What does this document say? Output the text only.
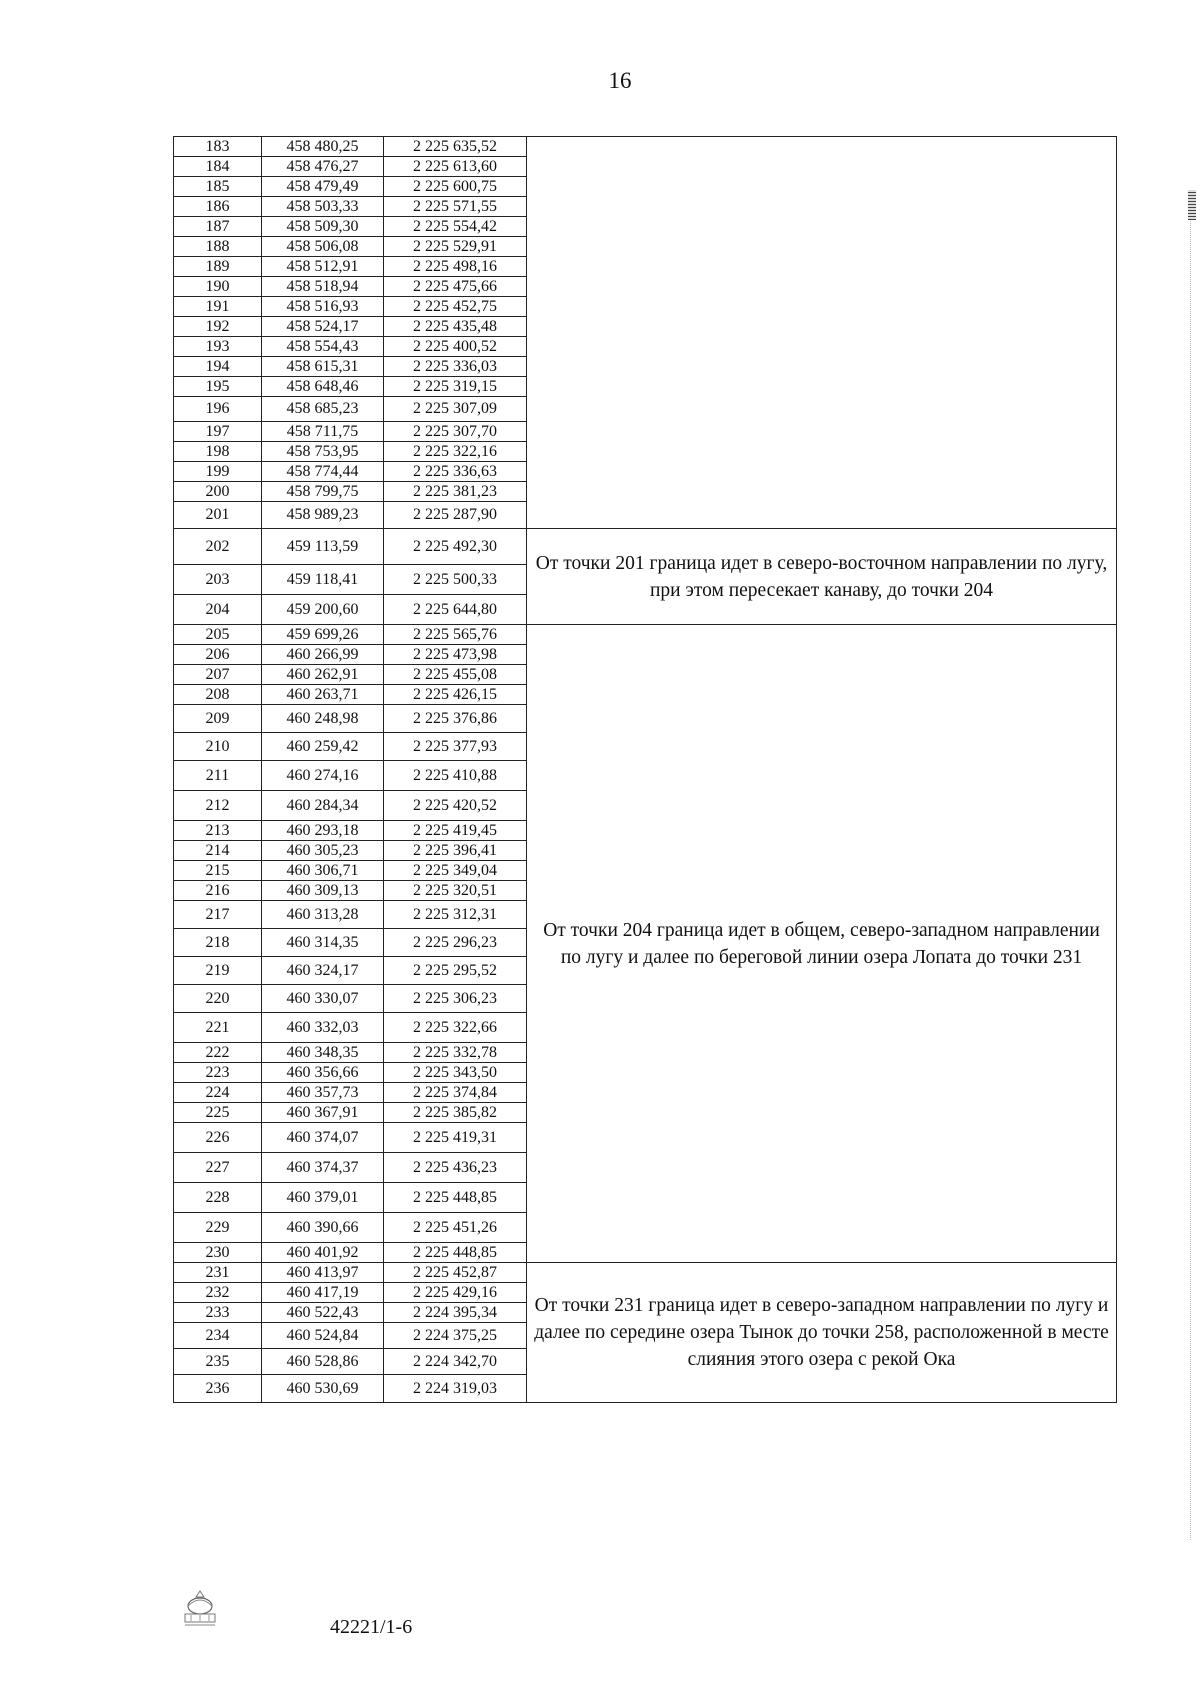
16
183	458 480,25	2 225 635,52	
184	458 476,27	2 225 613,60	
185	458 479,49	2 225 600,75	
186	458 503,33	2 225 571,55	
187	458 509,30	2 225 554,42	
188	458 506,08	2 225 529,91	
189	458 512,91	2 225 498,16	
190	458 518,94	2 225 475,66	
191	458 516,93	2 225 452,75	
192	458 524,17	2 225 435,48	
193	458 554,43	2 225 400,52	
194	458 615,31	2 225 336,03	
195	458 648,46	2 225 319,15	
196	458 685,23	2 225 307,09	
197	458 711,75	2 225 307,70	
198	458 753,95	2 225 322,16	
199	458 774,44	2 225 336,63	
200	458 799,75	2 225 381,23	
201	458 989,23	2 225 287,90	
202	459 113,59	2 225 492,30	От точки 201 граница идет в северо-восточном направлении по лугу, при этом пересекает канаву, до точки 204
203	459 118,41	2 225 500,33	
204	459 200,60	2 225 644,80	
205	459 699,26	2 225 565,76	От точки 204 граница идет в общем, северо-западном направлении по лугу и далее по береговой линии озера Лопата до точки 231
206	460 266,99	2 225 473,98	
207	460 262,91	2 225 455,08	
208	460 263,71	2 225 426,15	
209	460 248,98	2 225 376,86	
210	460 259,42	2 225 377,93	
211	460 274,16	2 225 410,88	
212	460 284,34	2 225 420,52	
213	460 293,18	2 225 419,45	
214	460 305,23	2 225 396,41	
215	460 306,71	2 225 349,04	
216	460 309,13	2 225 320,51	
217	460 313,28	2 225 312,31	
218	460 314,35	2 225 296,23	
219	460 324,17	2 225 295,52	
220	460 330,07	2 225 306,23	
221	460 332,03	2 225 322,66	
222	460 348,35	2 225 332,78	
223	460 356,66	2 225 343,50	
224	460 357,73	2 225 374,84	
225	460 367,91	2 225 385,82	
226	460 374,07	2 225 419,31	
227	460 374,37	2 225 436,23	
228	460 379,01	2 225 448,85	
229	460 390,66	2 225 451,26	
230	460 401,92	2 225 448,85	
231	460 413,97	2 225 452,87	От точки 231 граница идет в северо-западном направлении по лугу и далее по середине озера Тынок до точки 258, расположенной в месте слияния этого озера с рекой Ока
232	460 417,19	2 225 429,16	
233	460 522,43	2 224 395,34	
234	460 524,84	2 224 375,25	
235	460 528,86	2 224 342,70	
236	460 530,69	2 224 319,03	
42221/1-6
